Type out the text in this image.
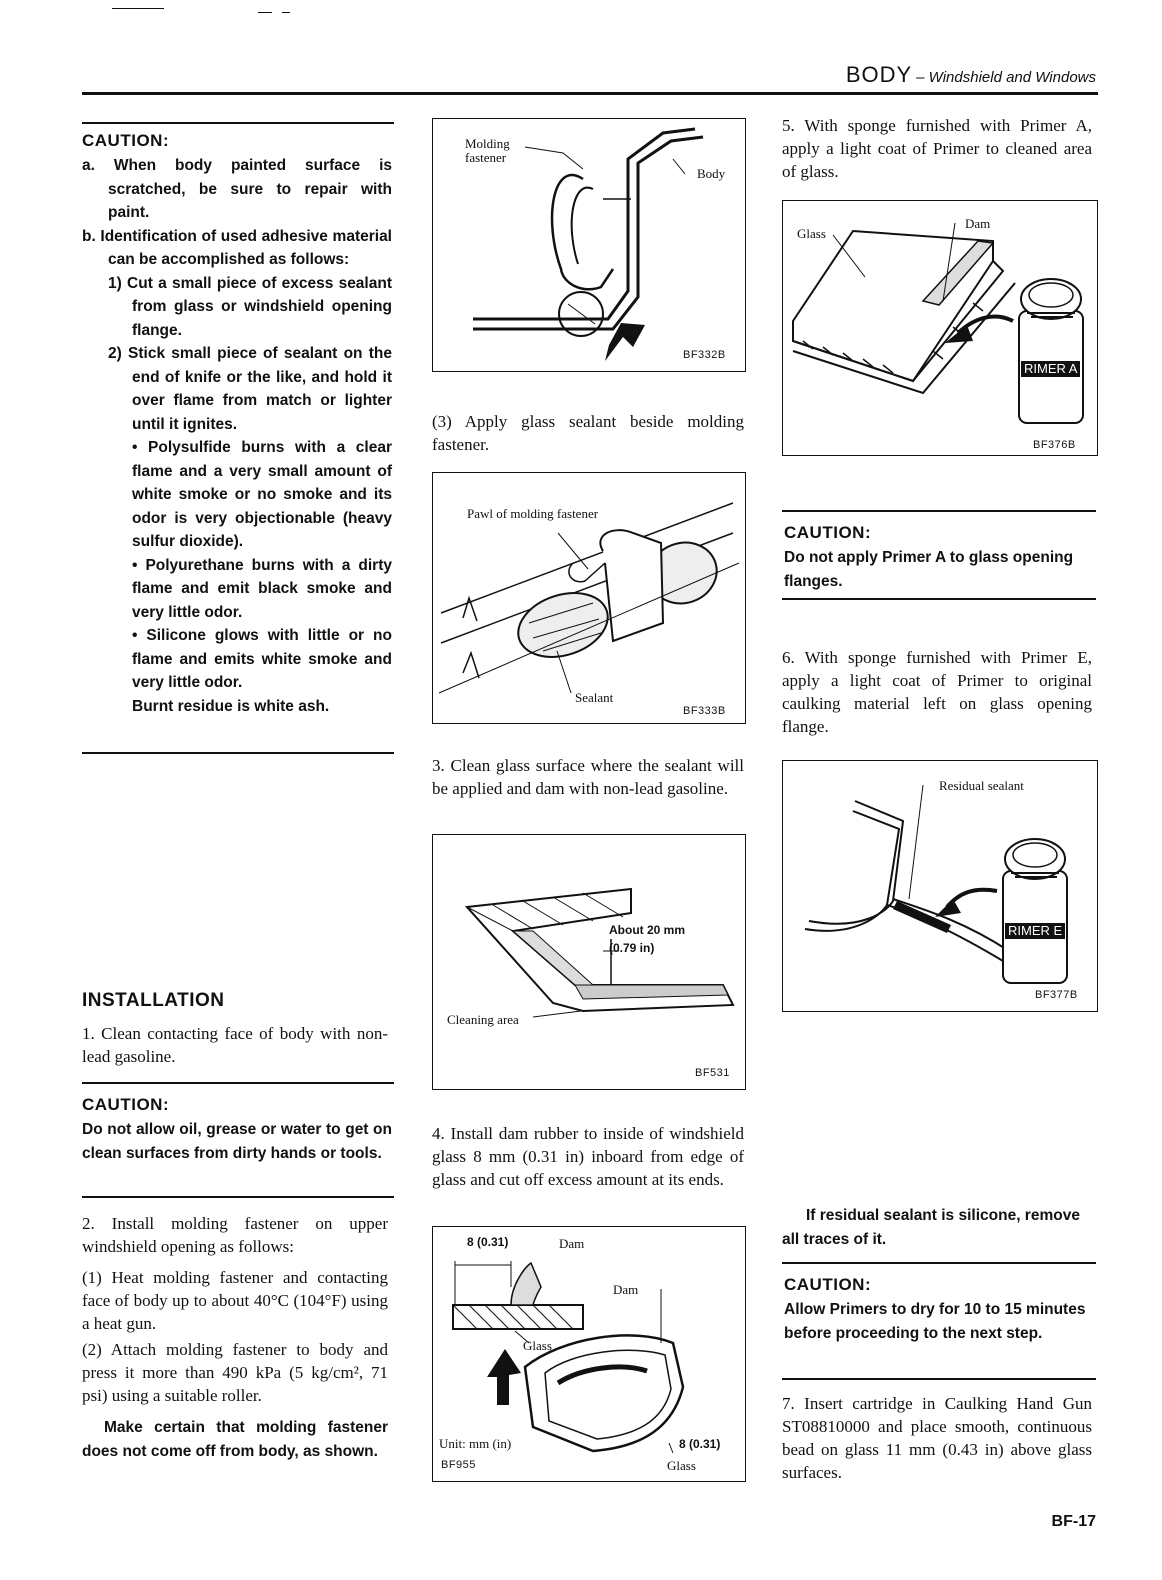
BODY – Windshield and Windows
CAUTION:
a. When body painted surface is scratched, be sure to repair with paint.
b. Identification of used adhesive material can be accomplished as follows:
1) Cut a small piece of excess sealant from glass or windshield opening flange.
2) Stick small piece of sealant on the end of knife or the like, and hold it over flame from match or lighter until it ignites.
• Polysulfide burns with a clear flame and a very small amount of white smoke or no smoke and its odor is very objectionable (heavy sulfur dioxide).
• Polyurethane burns with a dirty flame and emit black smoke and very little odor.
• Silicone glows with little or no flame and emits white smoke and very little odor.
Burnt residue is white ash.
INSTALLATION
1. Clean contacting face of body with non-lead gasoline.
CAUTION:
Do not allow oil, grease or water to get on clean surfaces from dirty hands or tools.
2. Install molding fastener on upper windshield opening as follows:
(1) Heat molding fastener and contacting face of body up to about 40°C (104°F) using a heat gun.
(2) Attach molding fastener to body and press it more than 490 kPa (5 kg/cm², 71 psi) using a suitable roller.
Make certain that molding fastener does not come off from body, as shown.
Molding fastener
Body
BF332B
(3) Apply glass sealant beside molding fastener.
Pawl of molding fastener
Sealant
BF333B
3. Clean glass surface where the sealant will be applied and dam with non-lead gasoline.
About 20 mm
(0.79 in)
Cleaning area
BF531
4. Install dam rubber to inside of windshield glass 8 mm (0.31 in) inboard from edge of glass and cut off excess amount at its ends.
8 (0.31)	Dam
Dam
Glass
Unit: mm (in)	8 (0.31)
BF955	Glass
5. With sponge furnished with Primer A, apply a light coat of Primer to cleaned area of glass.
Glass
Dam
RIMER A
BF376B
CAUTION:
Do not apply Primer A to glass opening flanges.
6. With sponge furnished with Primer E, apply a light coat of Primer to original caulking material left on glass opening flange.
Residual sealant
RIMER E
BF377B
If residual sealant is silicone, remove all traces of it.
CAUTION:
Allow Primers to dry for 10 to 15 minutes before proceeding to the next step.
7. Insert cartridge in Caulking Hand Gun ST08810000 and place smooth, continuous bead on glass 11 mm (0.43 in) above glass surfaces.
BF-17
